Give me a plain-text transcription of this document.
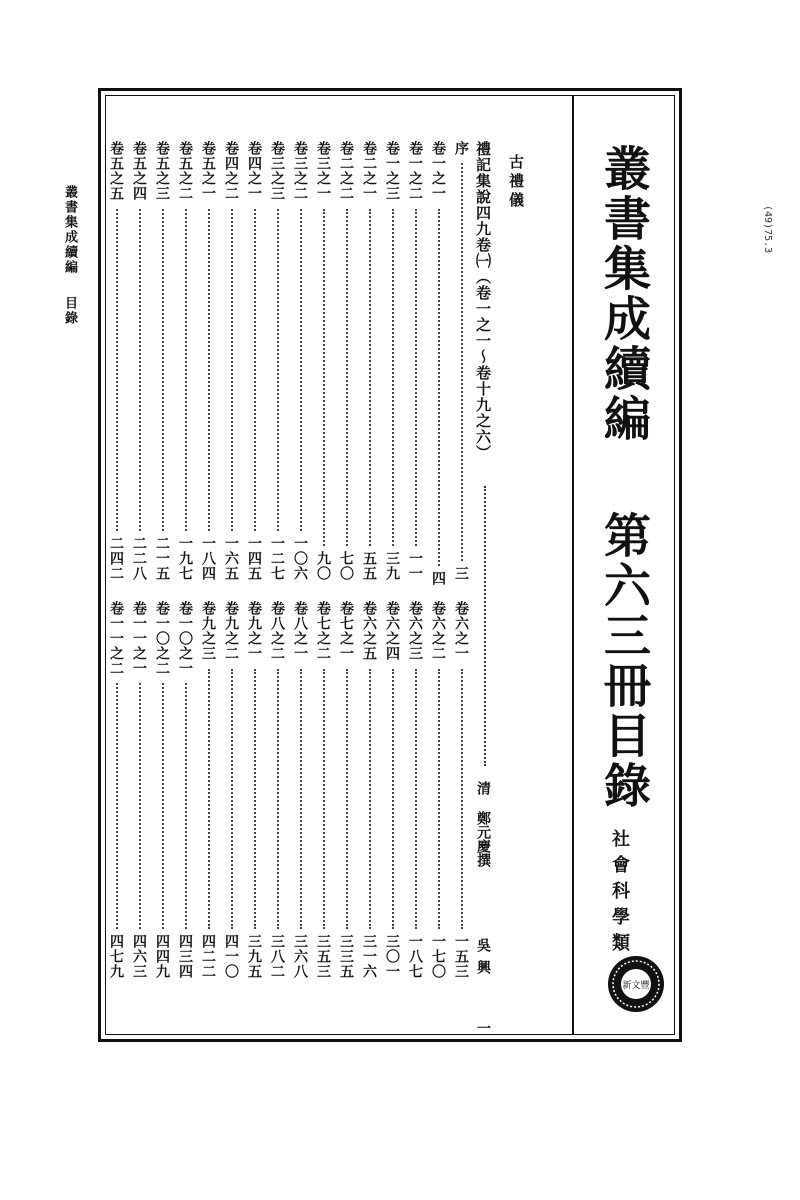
(49)75.3
叢書集成續編 目錄	叢書集成續編
第六三冊目錄
社會科學類
新文豐
古禮儀
禮記集說四九卷㈠（卷一之一～卷十九之六）
清
鄭元慶撰
吳興
一
序
三
卷一之一
四
卷一之二
一一
卷一之三
三九
卷二之一
五五
卷二之二
七〇
卷三之一
九〇
卷三之二
一〇六
卷三之三
一二七
卷四之一
一四五
卷四之二
一六五
卷五之一
一八四
卷五之二
一九七
卷五之三
二一五
卷五之四
二二八
卷五之五
二四二
卷六之一
一五三
卷六之二
一七〇
卷六之三
一八七
卷六之四
三〇一
卷六之五
三一六
卷七之一
三三五
卷七之二
三五三
卷八之一
三六八
卷八之二
三八二
卷九之一
三九五
卷九之二
四一〇
卷九之三
四二二
卷一〇之一
四三四
卷一〇之二
四四九
卷一一之一
四六三
卷一一之二
四七九
